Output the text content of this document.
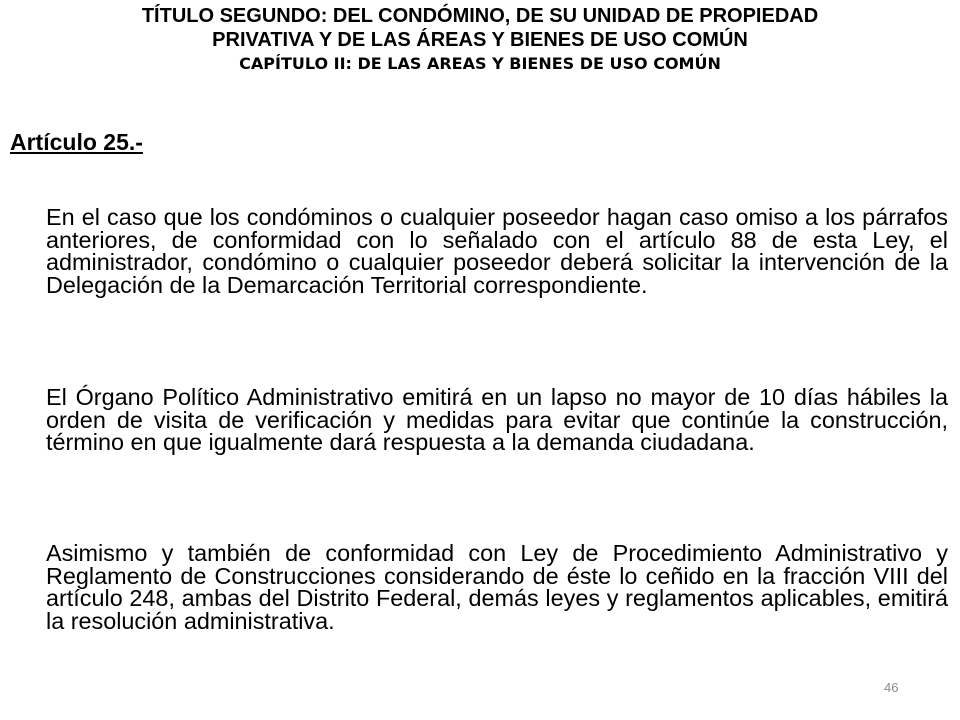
TÍTULO SEGUNDO: DEL CONDÓMINO, DE SU UNIDAD DE PROPIEDAD
PRIVATIVA Y DE LAS ÁREAS Y BIENES DE USO COMÚN
CAPÍTULO II: DE LAS AREAS Y BIENES DE USO COMÚN
Artículo 25.-

En el caso que los condóminos o cualquier poseedor hagan caso omiso a los párrafos anteriores, de conformidad con lo señalado con el artículo 88 de esta Ley, el administrador, condómino o cualquier poseedor deberá solicitar la intervención de la Delegación de la Demarcación Territorial correspondiente.

El Órgano Político Administrativo emitirá en un lapso no mayor de 10 días hábiles la orden de visita de verificación y medidas para evitar que continúe la construcción, término en que igualmente dará respuesta a la demanda ciudadana.

Asimismo y también de conformidad con Ley de Procedimiento Administrativo y Reglamento de Construcciones considerando de éste lo ceñido en la fracción VIII del artículo 248, ambas del Distrito Federal, demás leyes y reglamentos aplicables, emitirá la resolución administrativa.

46
